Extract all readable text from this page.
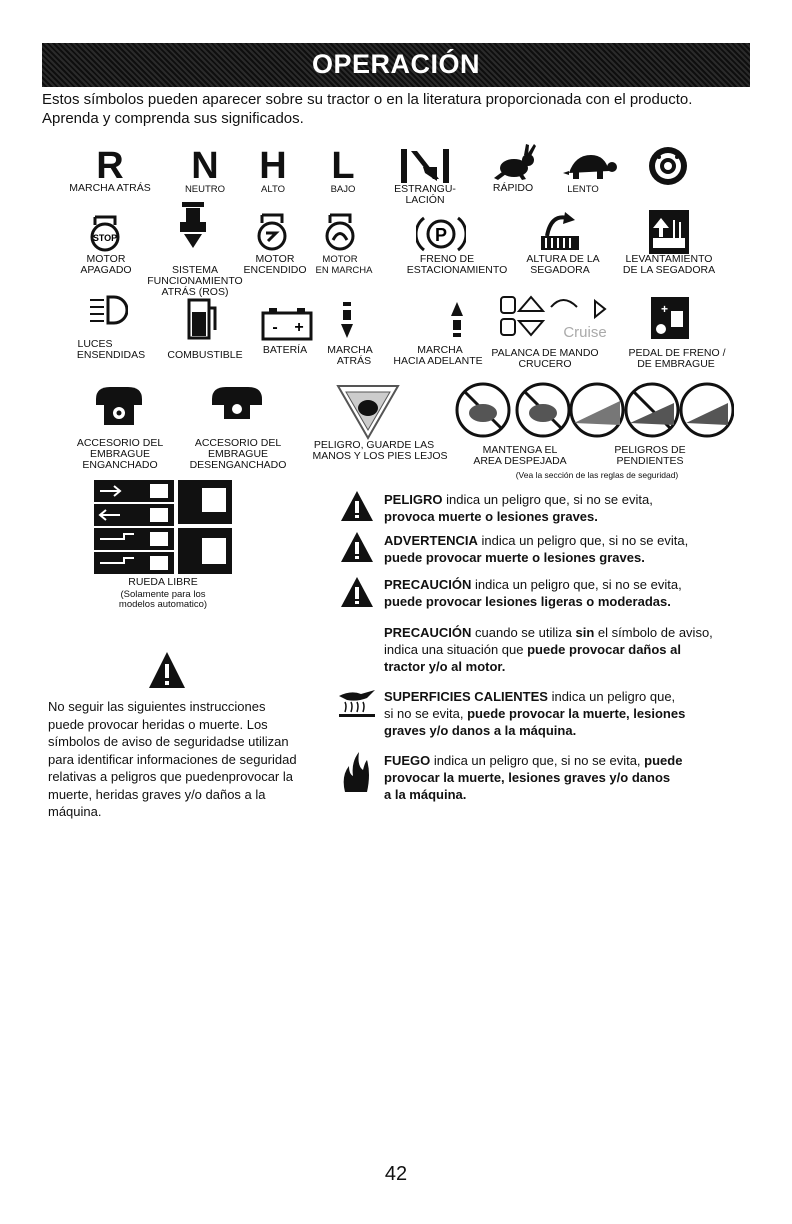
OPERACIÓN
Estos símbolos pueden aparecer sobre su tractor o en la literatura proporcionada con el producto. Aprenda y comprenda sus significados.
R N H L
MARCHA ATRÁS	NEUTRO	ALTO	BAJO	ESTRANGU-
LACIÓN
RÁPIDO	LENTO
STOP	P
MOTOR
APAGADO	SISTEMA
FUNCIONAMIENTO
ATRÁS (ROS)
MOTOR
ENCENDIDO
MOTOR
EN MARCHA
FRENO DE
ESTACIONAMIENTO
ALTURA DE LA
SEGADORA
LEVANTAMIENTO
DE LA SEGADORA
- +	Cruise
+
LUCES
ENSENDIDAS	COMBUSTIBLE	BATERÍA	MARCHA
ATRÁS
MARCHA
HACIA ADELANTE
PALANCA DE MANDO
CRUCERO
PEDAL DE FRENO /
DE EMBRAGUE
ACCESORIO DEL
EMBRAGUE
ENGANCHADO
ACCESORIO DEL
EMBRAGUE
DESENGANCHADO
PELIGRO, GUARDE LAS
MANOS Y LOS PIES LEJOS	MANTENGA EL
AREA DESPEJADA
PELIGROS DE
PENDIENTES
(Vea la sección de las reglas de seguridad)
RUEDA LIBRE
(Solamente para los
modelos automatico)
No seguir las siguientes instrucciones
puede provocar heridas o muerte. Los
símbolos de aviso de seguridadse utilizan
para identificar informaciones de seguridad
relativas a peligros que puedenprovocar la
muerte, heridas graves y/o daños a la
máquina.
PELIGRO indica un peligro que, si no se evita,
provoca muerte o lesiones graves.
ADVERTENCIA indica un peligro que, si no se evita,
puede provocar muerte o lesiones graves.
PRECAUCIÓN indica un peligro que, si no se evita,
puede provocar lesiones ligeras o moderadas.
PRECAUCIÓN cuando se utiliza sin el símbolo de aviso,
indica una situación que puede provocar daños al
tractor y/o al motor.
SUPERFICIES CALIENTES indica un peligro que,
si no se evita, puede provocar la muerte, lesiones
graves y/o danos a la máquina.
FUEGO indica un peligro que, si no se evita, puede
provocar la muerte, lesiones graves y/o danos
a la máquina.
42
